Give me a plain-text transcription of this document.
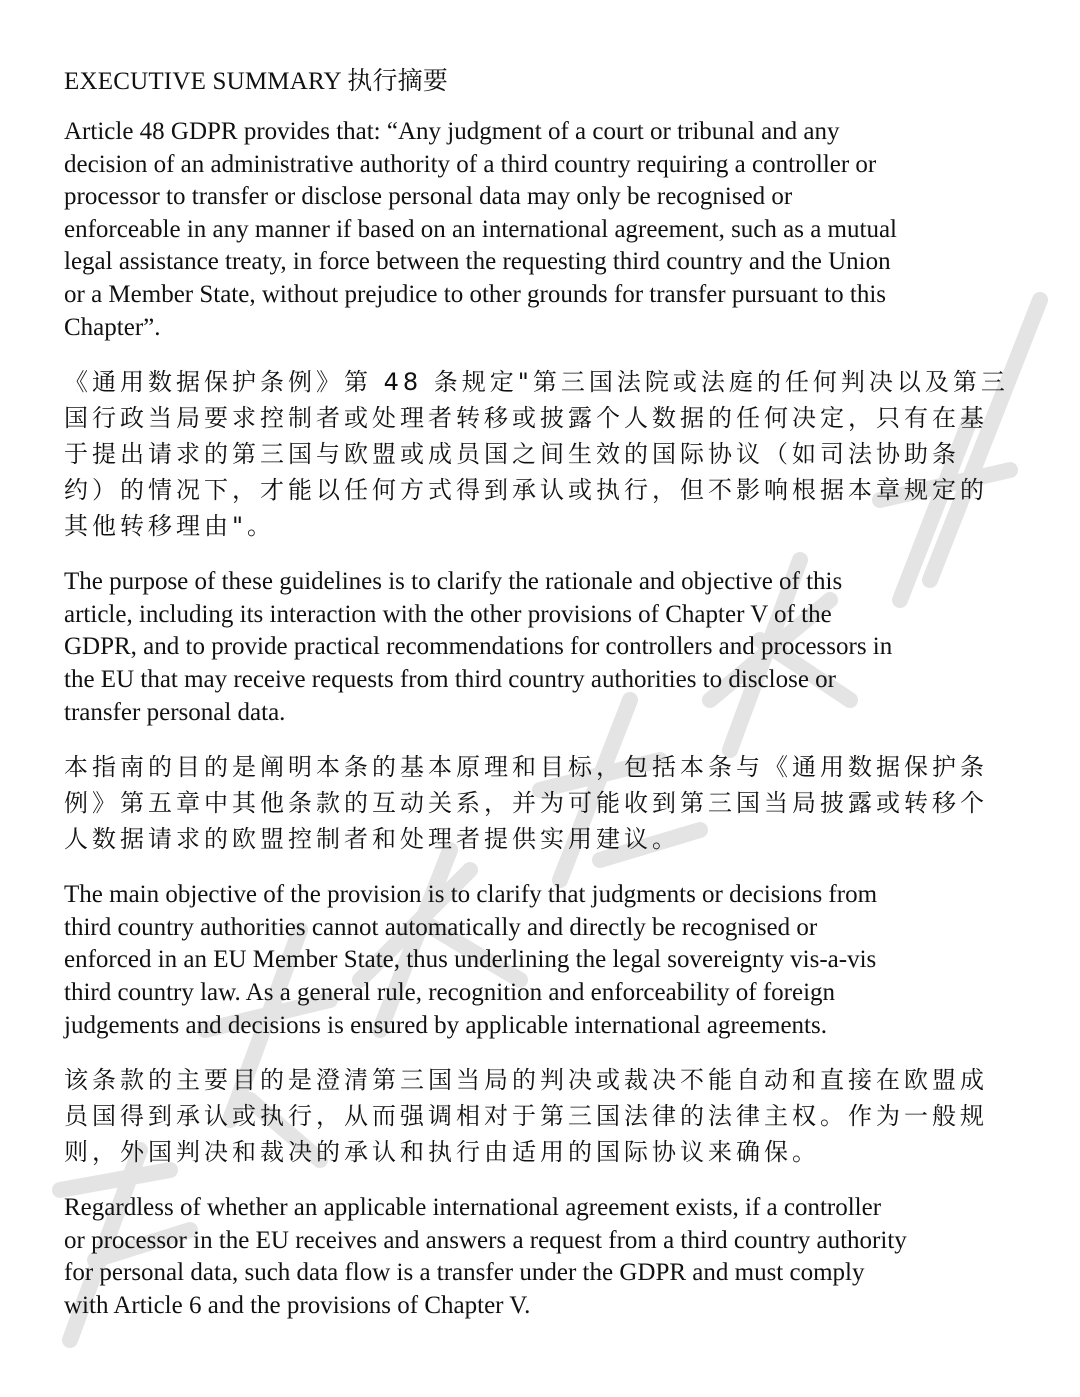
EXECUTIVE SUMMARY 执行摘要

Article 48 GDPR provides that: “Any judgment of a court or tribunal and any
decision of an administrative authority of a third country requiring a controller or
processor to transfer or disclose personal data may only be recognised or
enforceable in any manner if based on an international agreement, such as a mutual
legal assistance treaty, in force between the requesting third country and the Union
or a Member State, without prejudice to other grounds for transfer pursuant to this
Chapter”.

《通用数据保护条例》第 48 条规定"第三国法院或法庭的任何判决以及第三
国行政当局要求控制者或处理者转移或披露个人数据的任何决定，只有在基
于提出请求的第三国与欧盟或成员国之间生效的国际协议（如司法协助条
约）的情况下，才能以任何方式得到承认或执行，但不影响根据本章规定的
其他转移理由"。

The purpose of these guidelines is to clarify the rationale and objective of this
article, including its interaction with the other provisions of Chapter V of the
GDPR, and to provide practical recommendations for controllers and processors in
the EU that may receive requests from third country authorities to disclose or
transfer personal data.

本指南的目的是阐明本条的基本原理和目标，包括本条与《通用数据保护条
例》第五章中其他条款的互动关系，并为可能收到第三国当局披露或转移个
人数据请求的欧盟控制者和处理者提供实用建议。

The main objective of the provision is to clarify that judgments or decisions from
third country authorities cannot automatically and directly be recognised or
enforced in an EU Member State, thus underlining the legal sovereignty vis-a-vis
third country law. As a general rule, recognition and enforceability of foreign
judgements and decisions is ensured by applicable international agreements.

该条款的主要目的是澄清第三国当局的判决或裁决不能自动和直接在欧盟成
员国得到承认或执行，从而强调相对于第三国法律的法律主权。作为一般规
则，外国判决和裁决的承认和执行由适用的国际协议来确保。

Regardless of whether an applicable international agreement exists, if a controller
or processor in the EU receives and answers a request from a third country authority
for personal data, such data flow is a transfer under the GDPR and must comply
with Article 6 and the provisions of Chapter V.
